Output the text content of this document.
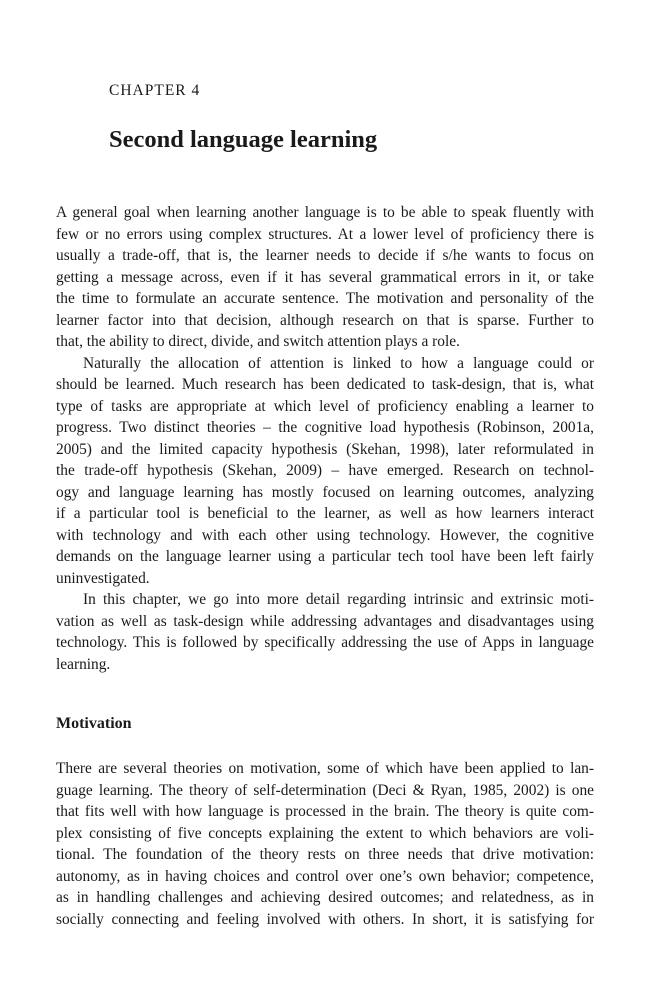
CHAPTER 4
Second language learning
A general goal when learning another language is to be able to speak fluently with
few or no errors using complex structures. At a lower level of proficiency there is
usually a trade-off, that is, the learner needs to decide if s/he wants to focus on
getting a message across, even if it has several grammatical errors in it, or take
the time to formulate an accurate sentence. The motivation and personality of the
learner factor into that decision, although research on that is sparse. Further to
that, the ability to direct, divide, and switch attention plays a role.
Naturally the allocation of attention is linked to how a language could or
should be learned. Much research has been dedicated to task-design, that is, what
type of tasks are appropriate at which level of proficiency enabling a learner to
progress. Two distinct theories – the cognitive load hypothesis (Robinson, 2001a,
2005) and the limited capacity hypothesis (Skehan, 1998), later reformulated in
the trade-off hypothesis (Skehan, 2009) – have emerged. Research on technol-
ogy and language learning has mostly focused on learning outcomes, analyzing
if a particular tool is beneficial to the learner, as well as how learners interact
with technology and with each other using technology. However, the cognitive
demands on the language learner using a particular tech tool have been left fairly
uninvestigated.
In this chapter, we go into more detail regarding intrinsic and extrinsic moti-
vation as well as task-design while addressing advantages and disadvantages using
technology. This is followed by specifically addressing the use of Apps in language
learning.
Motivation
There are several theories on motivation, some of which have been applied to lan-
guage learning. The theory of self-determination (Deci & Ryan, 1985, 2002) is one
that fits well with how language is processed in the brain. The theory is quite com-
plex consisting of five concepts explaining the extent to which behaviors are voli-
tional. The foundation of the theory rests on three needs that drive motivation:
autonomy, as in having choices and control over one’s own behavior; competence,
as in handling challenges and achieving desired outcomes; and relatedness, as in
socially connecting and feeling involved with others. In short, it is satisfying for
